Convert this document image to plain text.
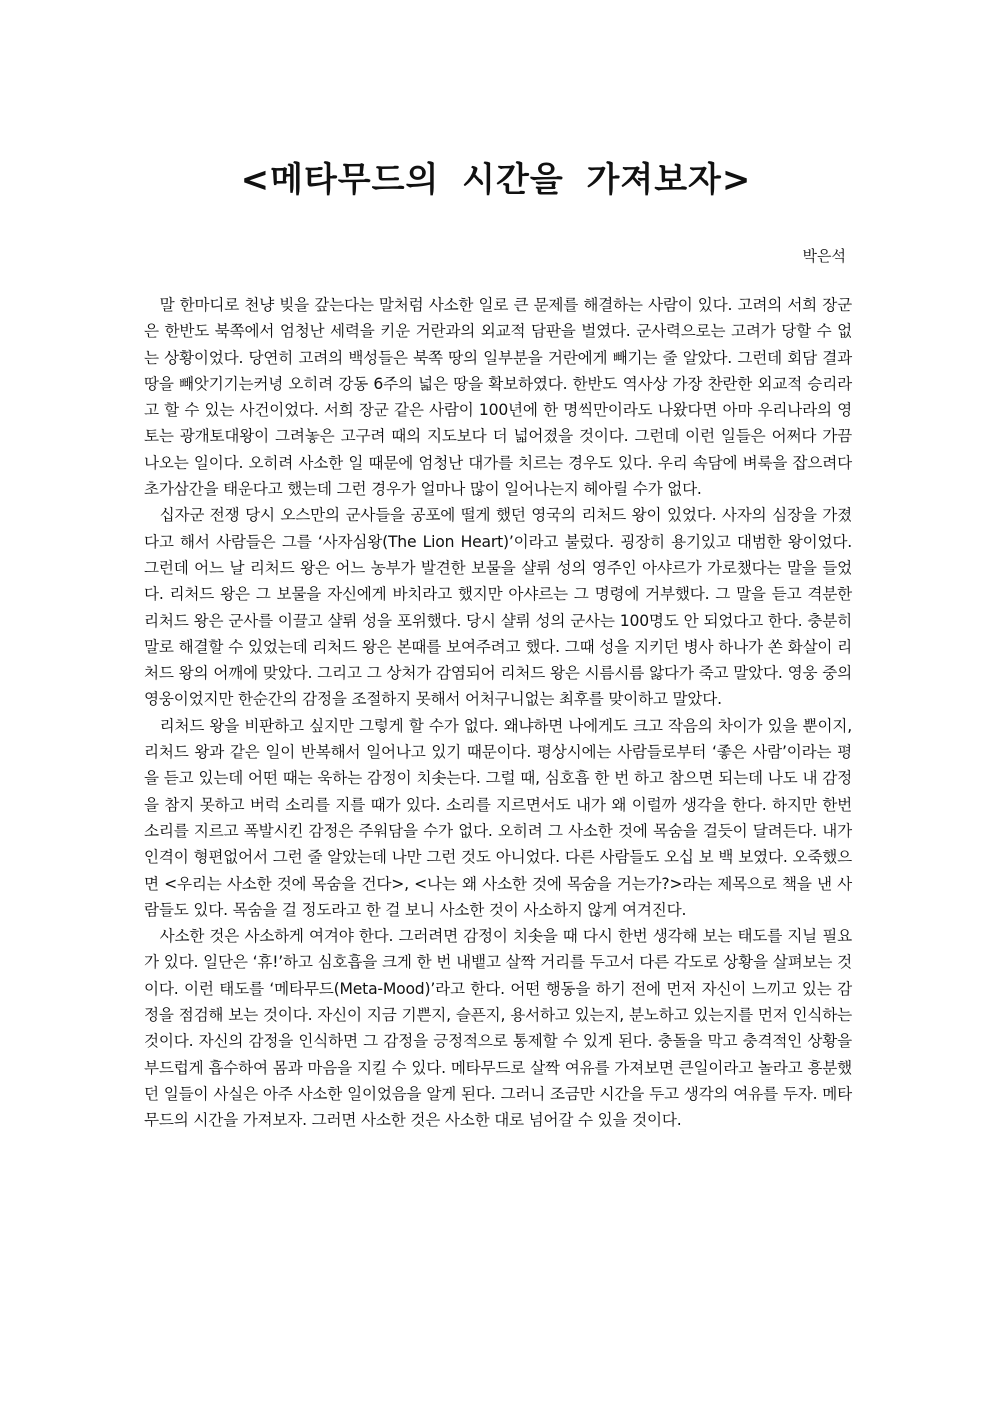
<메타무드의 시간을 가져보자>
박은석

말 한마디로 천냥 빚을 갚는다는 말처럼 사소한 일로 큰 문제를 해결하는 사람이 있다. 고려의 서희 장군은 한반도 북쪽에서 엄청난 세력을 키운 거란과의 외교적 담판을 벌였다. 군사력으로는 고려가 당할 수 없는 상황이었다. 당연히 고려의 백성들은 북쪽 땅의 일부분을 거란에게 빼기는 줄 알았다. 그런데 회담 결과 땅을 빼앗기기는커녕 오히려 강동 6주의 넓은 땅을 확보하였다. 한반도 역사상 가장 찬란한 외교적 승리라고 할 수 있는 사건이었다. 서희 장군 같은 사람이 100년에 한 명씩만이라도 나왔다면 아마 우리나라의 영토는 광개토대왕이 그려놓은 고구려 때의 지도보다 더 넓어졌을 것이다. 그런데 이런 일들은 어쩌다 가끔 나오는 일이다. 오히려 사소한 일 때문에 엄청난 대가를 치르는 경우도 있다. 우리 속담에 벼룩을 잡으려다 초가삼간을 태운다고 했는데 그런 경우가 얼마나 많이 일어나는지 헤아릴 수가 없다.

십자군 전쟁 당시 오스만의 군사들을 공포에 떨게 했던 영국의 리처드 왕이 있었다. 사자의 심장을 가졌다고 해서 사람들은 그를 ‘사자심왕(The Lion Heart)’이라고 불렀다. 굉장히 용기있고 대범한 왕이었다. 그런데 어느 날 리처드 왕은 어느 농부가 발견한 보물을 샬뤼 성의 영주인 아샤르가 가로챘다는 말을 들었다. 리처드 왕은 그 보물을 자신에게 바치라고 했지만 아샤르는 그 명령에 거부했다. 그 말을 듣고 격분한 리처드 왕은 군사를 이끌고 샬뤼 성을 포위했다. 당시 샬뤼 성의 군사는 100명도 안 되었다고 한다. 충분히 말로 해결할 수 있었는데 리처드 왕은 본때를 보여주려고 했다. 그때 성을 지키던 병사 하나가 쏜 화살이 리처드 왕의 어깨에 맞았다. 그리고 그 상처가 감염되어 리처드 왕은 시름시름 앓다가 죽고 말았다. 영웅 중의 영웅이었지만 한순간의 감정을 조절하지 못해서 어처구니없는 최후를 맞이하고 말았다.

리처드 왕을 비판하고 싶지만 그렇게 할 수가 없다. 왜냐하면 나에게도 크고 작음의 차이가 있을 뿐이지, 리처드 왕과 같은 일이 반복해서 일어나고 있기 때문이다. 평상시에는 사람들로부터 ‘좋은 사람’이라는 평을 듣고 있는데 어떤 때는 욱하는 감정이 치솟는다. 그럴 때, 심호흡 한 번 하고 참으면 되는데 나도 내 감정을 참지 못하고 버럭 소리를 지를 때가 있다. 소리를 지르면서도 내가 왜 이럴까 생각을 한다. 하지만 한번 소리를 지르고 폭발시킨 감정은 주워담을 수가 없다. 오히려 그 사소한 것에 목숨을 걸듯이 달려든다. 내가 인격이 형편없어서 그런 줄 알았는데 나만 그런 것도 아니었다. 다른 사람들도 오십 보 백 보였다. 오죽했으면 <우리는 사소한 것에 목숨을 건다>, <나는 왜 사소한 것에 목숨을 거는가?>라는 제목으로 책을 낸 사람들도 있다. 목숨을 걸 정도라고 한 걸 보니 사소한 것이 사소하지 않게 여겨진다.

사소한 것은 사소하게 여겨야 한다. 그러려면 감정이 치솟을 때 다시 한번 생각해 보는 태도를 지닐 필요가 있다. 일단은 ‘휴!’하고 심호흡을 크게 한 번 내뱉고 살짝 거리를 두고서 다른 각도로 상황을 살펴보는 것이다. 이런 태도를 ‘메타무드(Meta-Mood)’라고 한다. 어떤 행동을 하기 전에 먼저 자신이 느끼고 있는 감정을 점검해 보는 것이다. 자신이 지금 기쁜지, 슬픈지, 용서하고 있는지, 분노하고 있는지를 먼저 인식하는 것이다. 자신의 감정을 인식하면 그 감정을 긍정적으로 통제할 수 있게 된다. 충돌을 막고 충격적인 상황을 부드럽게 흡수하여 몸과 마음을 지킬 수 있다. 메타무드로 살짝 여유를 가져보면 큰일이라고 놀라고 흥분했던 일들이 사실은 아주 사소한 일이었음을 알게 된다. 그러니 조금만 시간을 두고 생각의 여유를 두자. 메타무드의 시간을 가져보자. 그러면 사소한 것은 사소한 대로 넘어갈 수 있을 것이다.
